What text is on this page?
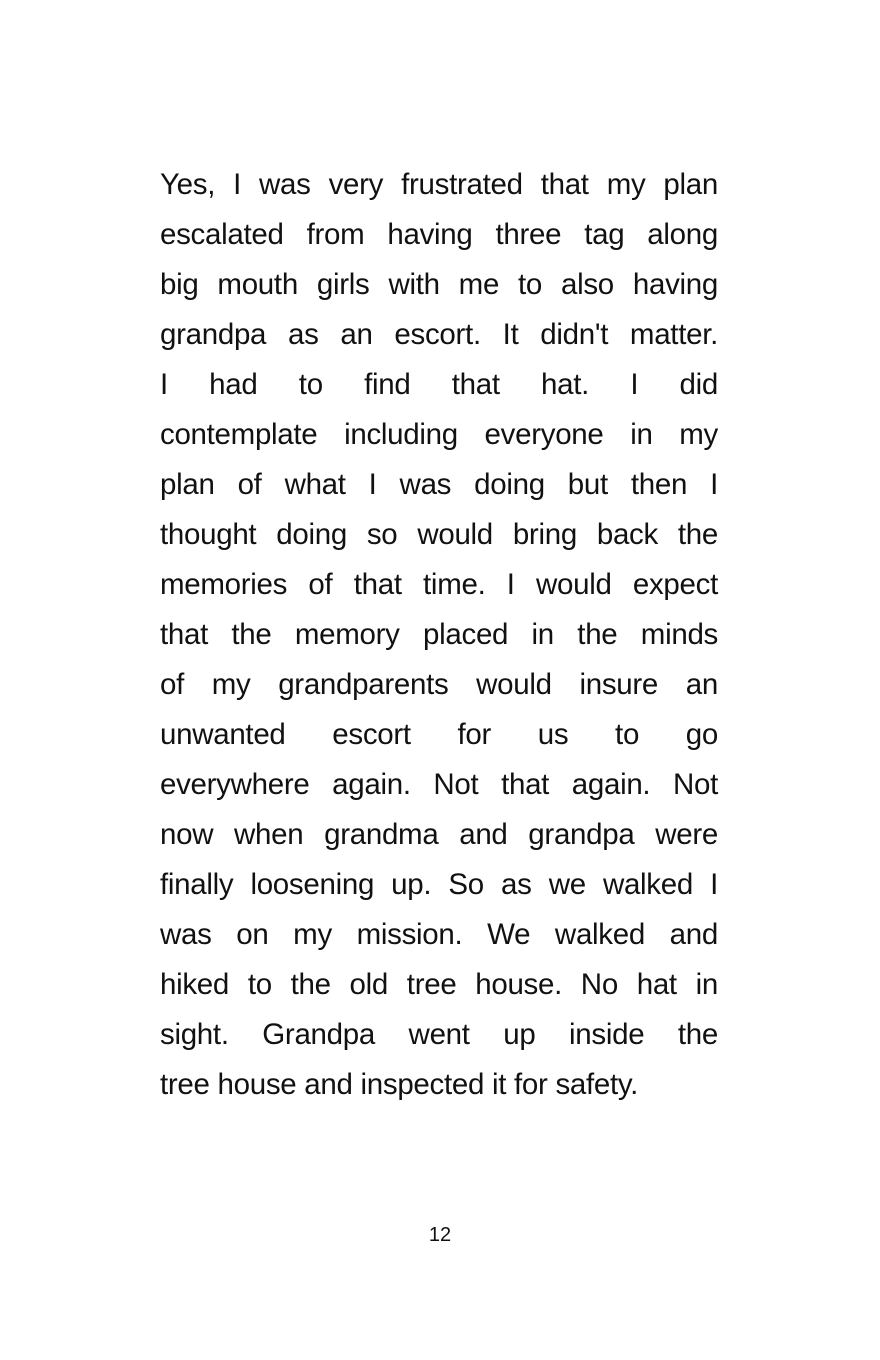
Yes, I was very frustrated that my plan
escalated from having three tag along
big mouth girls with me to also having
grandpa as an escort. It didn't matter.
I had to find that hat. I did
contemplate including everyone in my
plan of what I was doing but then I
thought doing so would bring back the
memories of that time. I would expect
that the memory placed in the minds
of my grandparents would insure an
unwanted escort for us to go
everywhere again. Not that again. Not
now when grandma and grandpa were
finally loosening up. So as we walked I
was on my mission. We walked and
hiked to the old tree house. No hat in
sight. Grandpa went up inside the
tree house and inspected it for safety.
12
